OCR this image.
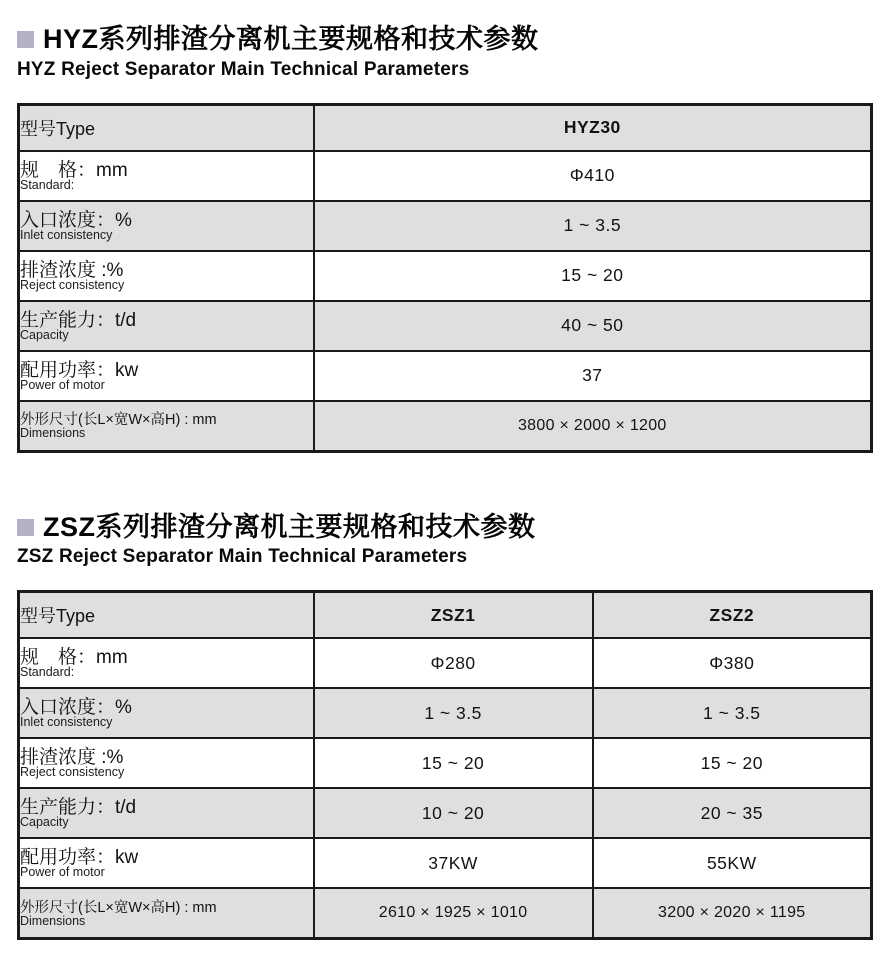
HYZ系列排渣分离机主要规格和技术参数
HYZ Reject Separator Main Technical Parameters
型号Type	HYZ30

规　格：mm
Standard:	Φ410

入口浓度：%
Inlet consistency	1 ~ 3.5

排渣浓度 :%
Reject consistency	15 ~ 20

生产能力：t/d
Capacity	40 ~ 50

配用功率：kw
Power of motor	37

外形尺寸(长L×宽W×高H) : mm
Dimensions	3800 × 2000 × 1200
ZSZ系列排渣分离机主要规格和技术参数
ZSZ Reject Separator Main Technical Parameters
型号Type	ZSZ1	ZSZ2

规　格：mm
Standard:	Φ280	Φ380

入口浓度：%
Inlet consistency	1 ~ 3.5	1 ~ 3.5

排渣浓度 :%
Reject consistency	15 ~ 20	15 ~ 20

生产能力：t/d
Capacity	10 ~ 20	20 ~ 35

配用功率：kw
Power of motor	37KW	55KW

外形尺寸(长L×宽W×高H) : mm
Dimensions	2610 × 1925 × 1010	3200 × 2020 × 1195
